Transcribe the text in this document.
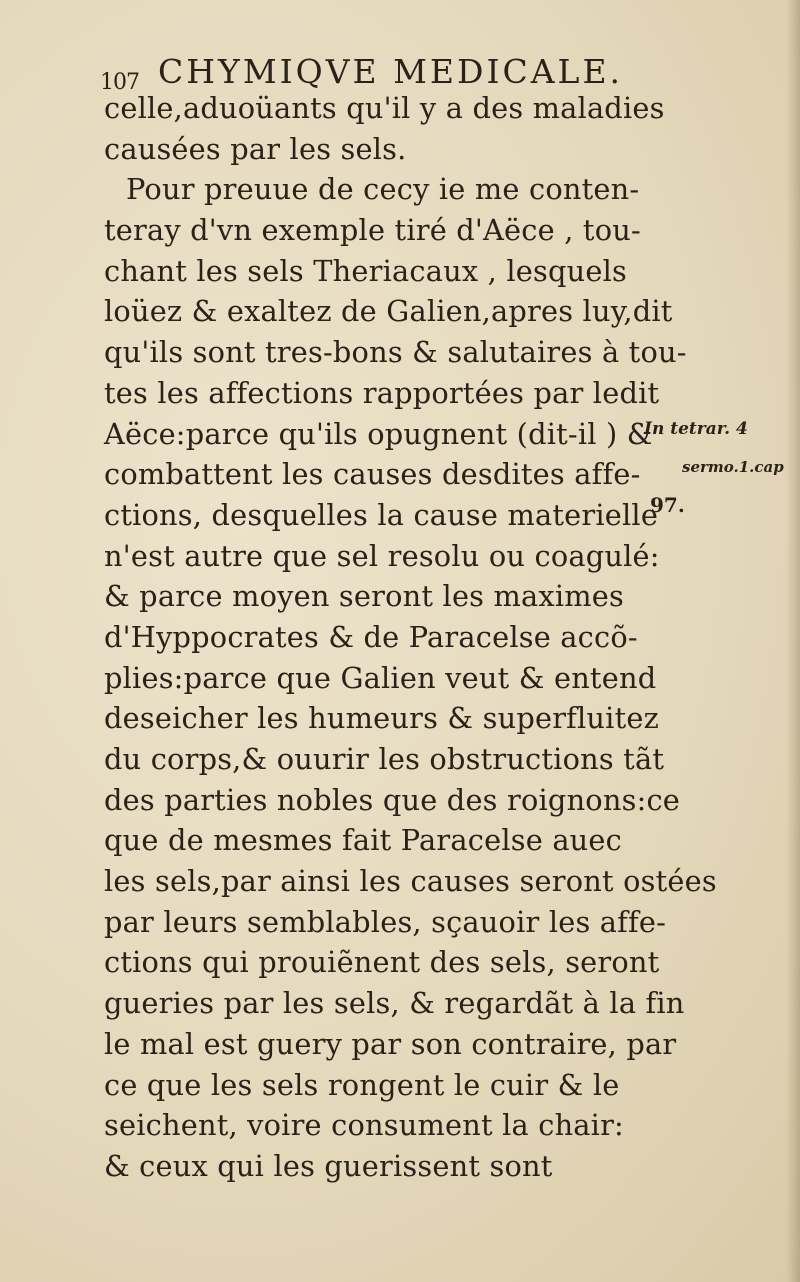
107 CHYMIQVE MEDICALE.
celle,aduoüants qu'il y a des maladies
causées par les sels.
Pour preuue de cecy ie me conten-
teray d'vn exemple tiré d'Aëce , tou-
chant les sels Theriacaux , lesquels
loüez & exaltez de Galien,apres luy,dit
qu'ils sont tres-bons & salutaires à tou-
tes les affections rapportées par ledit
Aëce:parce qu'ils opugnent (dit-il ) &
combattent les causes desdites affe-
ctions, desquelles la cause materielle
n'est autre que sel resolu ou coagulé:
& parce moyen seront les maximes
d'Hyppocrates & de Paracelse accõ-
plies:parce que Galien veut & entend
deseicher les humeurs & superfluitez
du corps,& ouurir les obstructions tãt
des parties nobles que des roignons:ce
que de mesmes fait Paracelse auec
les sels,par ainsi les causes seront ostées
par leurs semblables, sçauoir les affe-
ctions qui prouiẽnent des sels, seront
gueries par les sels, & regardãt à la fin
le mal est guery par son contraire, par
ce que les sels rongent le cuir & le
seichent, voire consument la chair:
& ceux qui les guerissent sont
In tetrar. 4
sermo.1.cap
97.
